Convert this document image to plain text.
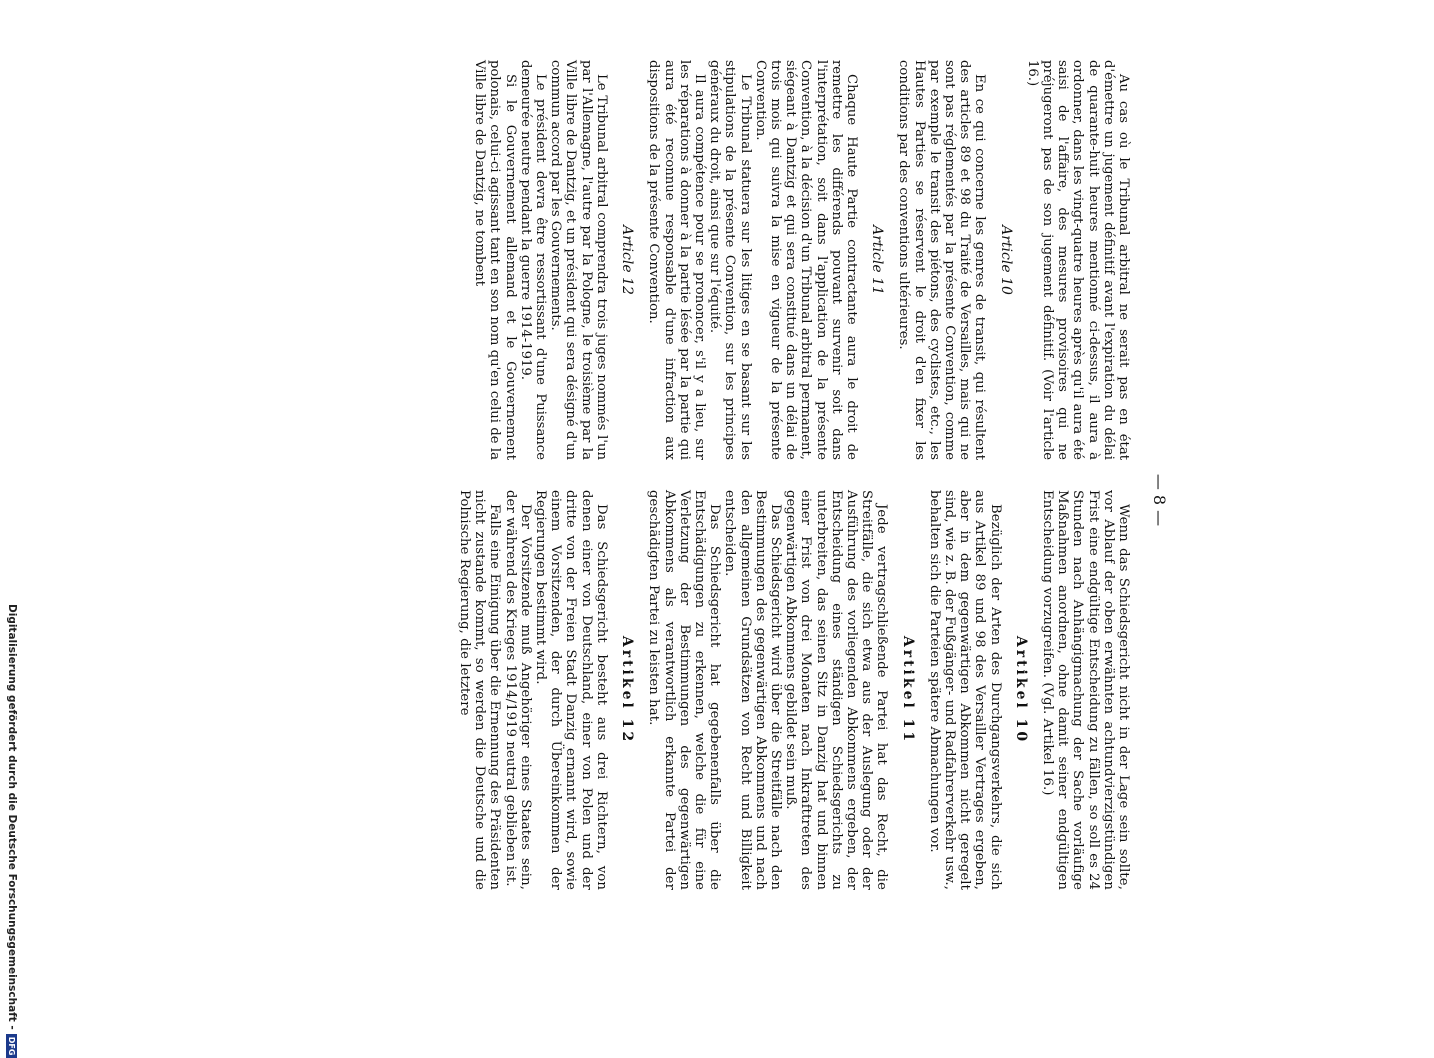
— 8 —

Au cas où le Tribunal arbitral ne serait pas en état d'émettre un jugement définitif avant l'expiration du délai de quarante-huit heures mentionné ci-dessus, il aura à ordonner, dans les vingt-quatre heures après qu'il aura été saisi de l'affaire, des mesures provisoires qui ne préjugeront pas de son jugement définitif. (Voir l'article 16.)

Article 10

En ce qui concerne les genres de transit, qui résultent des articles 89 et 98 du Traité de Versailles, mais qui ne sont pas réglementés par la présente Convention, comme par exemple le transit des piétons, des cyclistes, etc., les Hautes Parties se réservent le droit d'en fixer les conditions par des conventions ultérieures.

Article 11

Chaque Haute Partie contractante aura le droit de remettre les différends pouvant survenir soit dans l'interprétation, soit dans l'application de la présente Convention, à la décision d'un Tribunal arbitral permanent, siégeant à Dantzig et qui sera constitué dans un délai de trois mois qui suivra la mise en vigueur de la présente Convention.

Le Tribunal statuera sur les litiges en se basant sur les stipulations de la présente Convention, sur les principes généraux du droit, ainsi que sur l'équité.

Il aura compétence pour se prononcer, s'il y a lieu, sur les réparations à donner à la partie lésée par la partie qui aura été reconnue responsable d'une infraction aux dispositions de la présente Convention.

Article 12

Le Tribunal arbitral comprendra trois juges nommés l'un par l'Allemagne, l'autre par la Pologne, le troisième par la Ville libre de Dantzig, et un président qui sera désigné d'un commun accord par les Gouvernements.

Le président devra être ressortissant d'une Puissance demeurée neutre pendant la guerre 1914-1919.

Si le Gouvernement allemand et le Gouvernement polonais, celui-ci agissant tant en son nom qu'en celui de la Ville libre de Dantzig, ne tombent

Wenn das Schiedsgericht nicht in der Lage sein sollte, vor Ablauf der oben erwähnten achtundvierzigstündigen Frist eine endgültige Entscheidung zu fällen, so soll es 24 Stunden nach Anhängigmachung der Sache vorläufige Maßnahmen anordnen, ohne damit seiner endgültigen Entscheidung vorzugreifen. (Vgl. Artikel 16.)

Artikel 10

Bezüglich der Arten des Durchgangsverkehrs, die sich aus Artikel 89 und 98 des Versailler Vertrages ergeben, aber in dem gegenwärtigen Abkommen nicht geregelt sind, wie z. B. der Fußgänger- und Radfahrerverkehr usw., behalten sich die Parteien spätere Abmachungen vor.

Artikel 11

Jede vertragschließende Partei hat das Recht, die Streitfälle, die sich etwa aus der Auslegung oder der Ausführung des vorliegenden Abkommens ergeben, der Entscheidung eines ständigen Schiedsgerichts zu unterbreiten, das seinen Sitz in Danzig hat und binnen einer Frist von drei Monaten nach Inkrafttreten des gegenwärtigen Abkommens gebildet sein muß.

Das Schiedsgericht wird über die Streitfälle nach den Bestimmungen des gegenwärtigen Abkommens und nach den allgemeinen Grundsätzen von Recht und Billigkeit entscheiden.

Das Schiedsgericht hat gegebenenfalls über die Entschädigungen zu erkennen, welche die für eine Verletzung der Bestimmungen des gegenwärtigen Abkommens als verantwortlich erkannte Partei der geschädigten Partei zu leisten hat.

Artikel 12

Das Schiedsgericht besteht aus drei Richtern, von denen einer von Deutschland, einer von Polen und der dritte von der Freien Stadt Danzig ernannt wird, sowie einem Vorsitzenden, der durch Übereinkommen der Regierungen bestimmt wird.

Der Vorsitzende muß Angehöriger eines Staates sein, der während des Krieges 1914/1919 neutral geblieben ist.

Falls eine Einigung über die Ernennung des Präsidenten nicht zustande kommt, so werden die Deutsche und die Polnische Regierung, die letztere

Digitalisierung gefördert durch die Deutsche Forschungsgemeinschaft -
DFG
